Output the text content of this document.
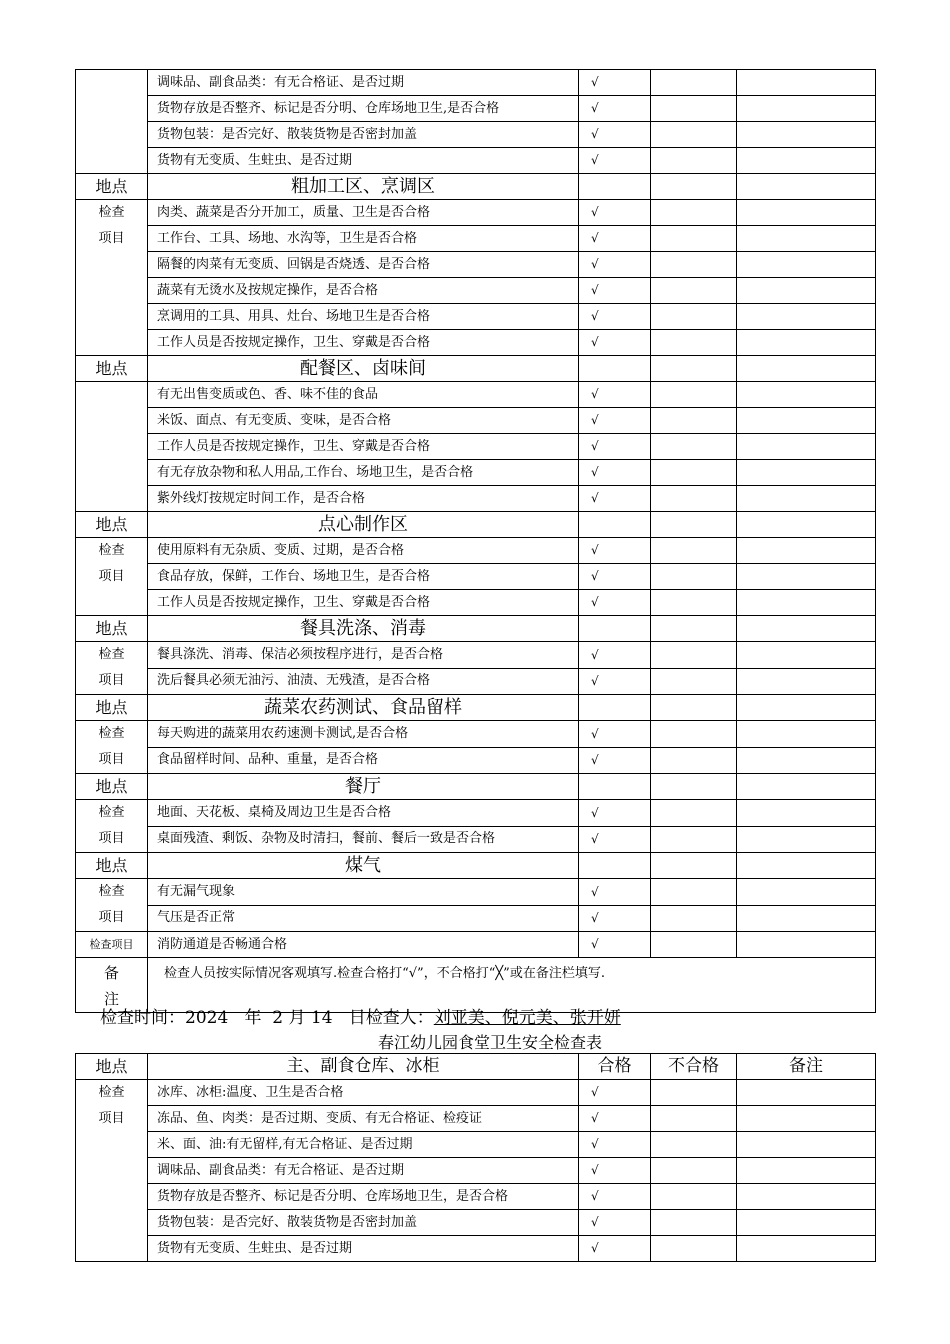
	调味品、副食品类：有无合格证、是否过期	√		
	货物存放是否整齐、标记是否分明、仓库场地卫生,是否合格	√		
	货物包装：是否完好、散装货物是否密封加盖	√		
	货物有无变质、生蛀虫、是否过期	√		
地点	粗加工区、烹调区			

检查
项目	肉类、蔬菜是否分开加工，质量、卫生是否合格	√		
	工作台、工具、场地、水沟等，卫生是否合格	√		
	隔餐的肉菜有无变质、回锅是否烧透、是否合格	√		
	蔬菜有无烫水及按规定操作，是否合格	√		
	烹调用的工具、用具、灶台、场地卫生是否合格	√		
	工作人员是否按规定操作，卫生、穿戴是否合格	√		
地点	配餐区、卤味间			
	有无出售变质或色、香、味不佳的食品	√		
	米饭、面点、有无变质、变味，是否合格	√		
	工作人员是否按规定操作，卫生、穿戴是否合格	√		
	有无存放杂物和私人用品,工作台、场地卫生，是否合格	√		
	紫外线灯按规定时间工作，是否合格	√		
地点	点心制作区			

检查
项目	使用原料有无杂质、变质、过期，是否合格	√		
	食品存放，保鲜，工作台、场地卫生，是否合格	√		
	工作人员是否按规定操作，卫生、穿戴是否合格	√		
地点	餐具洗涤、消毒			

检查
项目	餐具涤洗、消毒、保洁必须按程序进行，是否合格	√		
	洗后餐具必须无油污、油渍、无残渣，是否合格	√		
地点	蔬菜农药测试、食品留样			

检查
项目	每天购进的蔬菜用农药速测卡测试,是否合格	√		
	食品留样时间、品种、重量，是否合格	√		
地点	餐厅			

检查
项目	地面、天花板、桌椅及周边卫生是否合格	√		
	桌面残渣、剩饭、杂物及时清扫，餐前、餐后一致是否合格	√		
地点	煤气			

检查
项目	有无漏气现象	√		
	气压是否正常	√		
检查项目	消防通道是否畅通合格	√		

备
注	检查人员按实际情况客观填写.检查合格打“√”，不合格打“╳”或在备注栏填写.			
检查时间：2024   年  2 月 14   日检查人：刘亚美、倪元美、张开妍
春江幼儿园食堂卫生安全检查表
地点	主、副食仓库、冰柜	合格	不合格	备注

检查
项目	冰库、冰柜:温度、卫生是否合格	√		
	冻品、鱼、肉类：是否过期、变质、有无合格证、检疫证	√		
	米、面、油:有无留样,有无合格证、是否过期	√		
	调味品、副食品类：有无合格证、是否过期	√		
	货物存放是否整齐、标记是否分明、仓库场地卫生，是否合格	√		
	货物包装：是否完好、散装货物是否密封加盖	√		
	货物有无变质、生蛀虫、是否过期	√		
